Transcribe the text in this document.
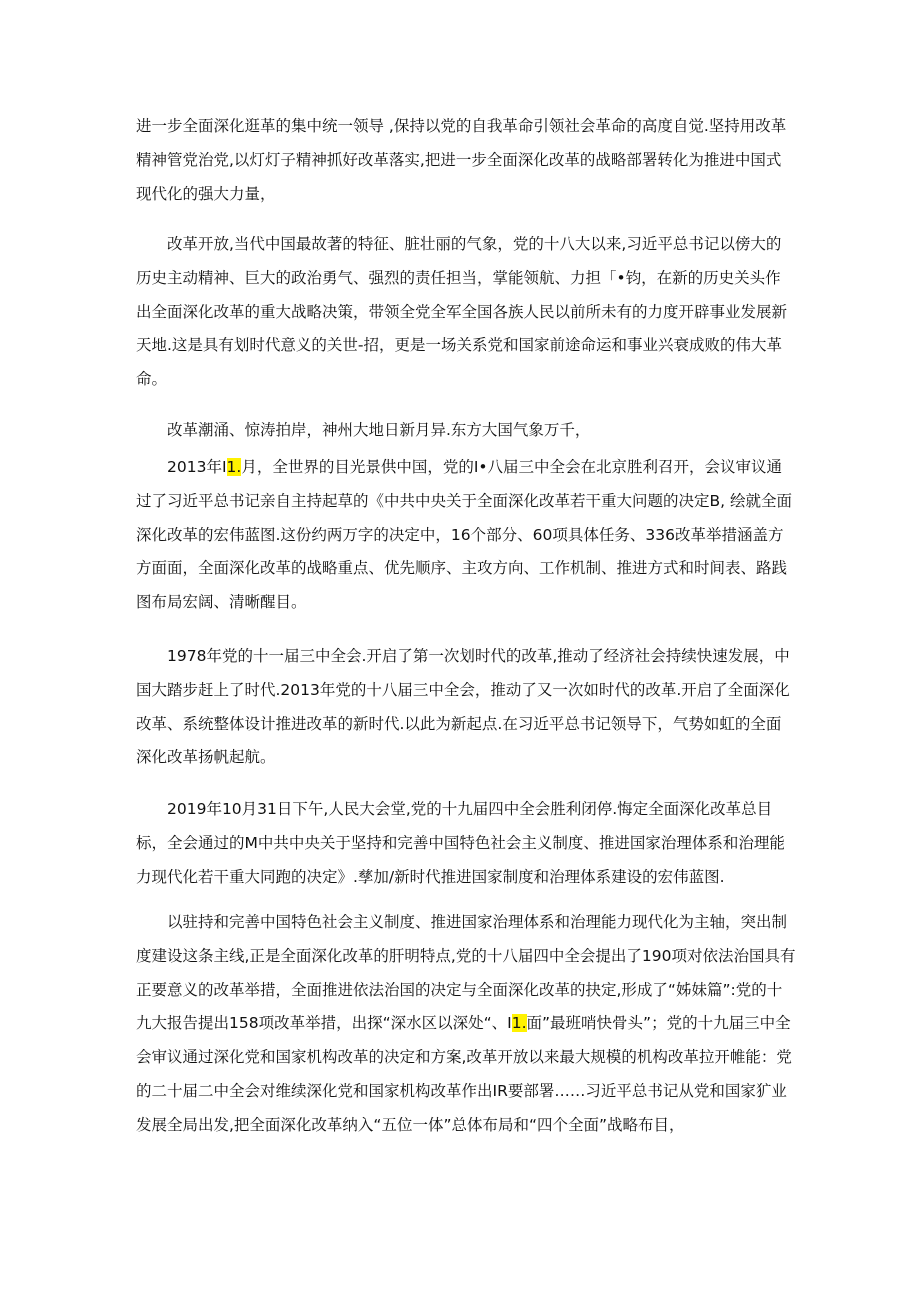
进一步全面深化逛革的集中统一领导 ,保持以党的自我革命引领社会革命的高度自觉.坚持用改革精神管党治党,以灯灯子精神抓好改革落实,把进一步全面深化改革的战略部署转化为推进中国式现代化的强大力量，

改革开放,当代中国最故著的特征、脏壮丽的气象，党的十八大以来,习近平总书记以傍大的历史主动精神、巨大的政治勇气、强烈的责任担当，掌能领航、力担「•钧，在新的历史关头作出全面深化改革的重大战略决策，带领全党全军全国各族人民以前所未有的力度开辟事业发展新天地.这是具有划时代意义的关世-招，更是一场关系党和国家前途命运和事业兴衰成败的伟大革命。

改革潮涌、惊涛拍岸，神州大地日新月异.东方大国气象万千，

2013年I1.月，全世界的目光景供中国，党的I•八届三中全会在北京胜利召开，会议审议通过了习近平总书记亲自主持起草的《中共中央关于全面深化改革若干重大问题的决定B, 绘就全面深化改革的宏伟蓝图.这份约两万字的决定中，16个部分、60项具体任务、336改革举措涵盖方方面面，全面深化改革的战略重点、优先顺序、主攻方向、工作机制、推进方式和时间表、路践图布局宏阔、清晰醒目。

1978年党的十一届三中全会.开启了第一次划时代的改革,推动了经济社会持续快速发展，中国大踏步赶上了时代.2013年党的十八届三中全会，推动了又一次如时代的改革.开启了全面深化改革、系统整体设计推进改革的新时代.以此为新起点.在习近平总书记领导下，气势如虹的全面深化改革扬帆起航。

2019年10月31日下午,人民大会堂,党的十九届四中全会胜利闭停.悔定全面深化改革总目标，全会通过的M中共中央关于坚持和完善中国特色社会主义制度、推进国家治理体系和治理能力现代化若干重大同跑的决定》.孳加/新时代推进国家制度和治理体系建设的宏伟蓝图.

以驻持和完善中国特色社会主义制度、推进国家治理体系和治理能力现代化为主轴，突出制度建设这条主线,正是全面深化改革的肝明特点,党的十八届四中全会提出了190项对依法治国具有正要意义的改革举措，全面推进依法治国的决定与全面深化改革的抉定,形成了“姊妹篇”:党的十九大报告提出158项改革举措，出探“深水区以深处“、I1.面”最班哨快骨头”；党的十九届三中全会审议通过深化党和国家机构改革的决定和方案,改革开放以来最大规模的机构改革拉开帷能：党的二十届二中全会对维续深化党和国家机构改革作出IR要部署……习近平总书记从党和国家犷业发展全局出发,把全面深化改革纳入“五位一体”总体布局和“四个全面”战略布目，
